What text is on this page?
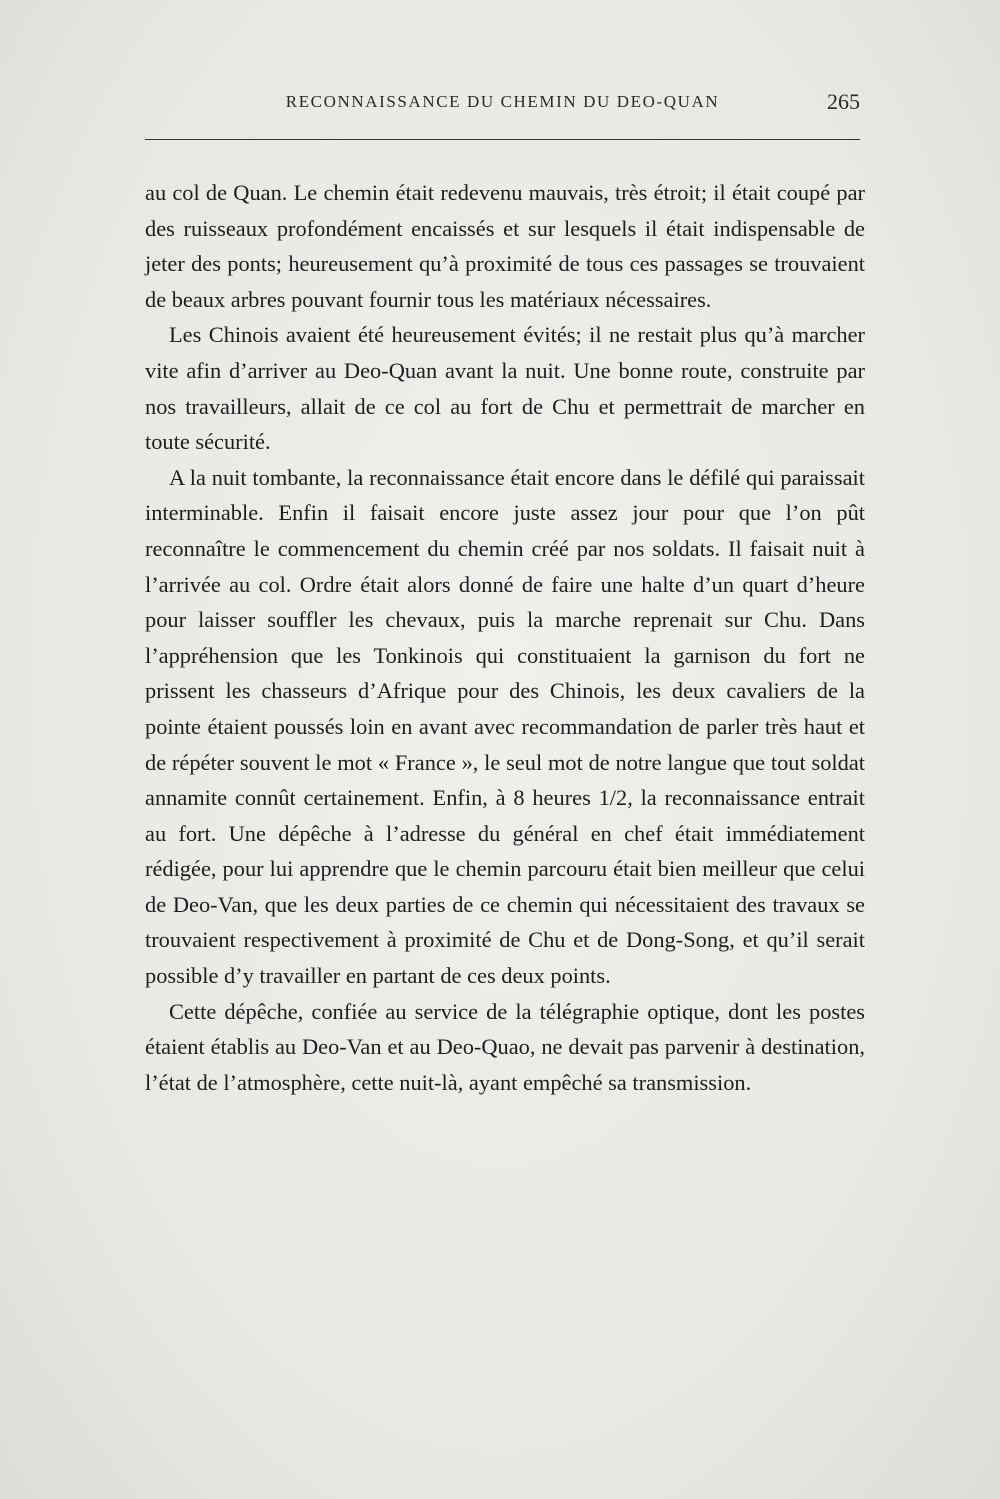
RECONNAISSANCE DU CHEMIN DU DEO-QUAN	265

au col de Quan. Le chemin était redevenu mauvais, très étroit; il était coupé par des ruisseaux profondément encaissés et sur lesquels il était indispensable de jeter des ponts; heureusement qu’à proximité de tous ces passages se trouvaient de beaux arbres pouvant fournir tous les matériaux nécessaires.

Les Chinois avaient été heureusement évités; il ne restait plus qu’à marcher vite afin d’arriver au Deo-Quan avant la nuit. Une bonne route, construite par nos travailleurs, allait de ce col au fort de Chu et permettrait de marcher en toute sécurité.

A la nuit tombante, la reconnaissance était encore dans le défilé qui paraissait interminable. Enfin il faisait encore juste assez jour pour que l’on pût reconnaître le commencement du chemin créé par nos soldats. Il faisait nuit à l’arrivée au col. Ordre était alors donné de faire une halte d’un quart d’heure pour laisser souffler les chevaux, puis la marche reprenait sur Chu. Dans l’appréhension que les Tonkinois qui constituaient la garnison du fort ne prissent les chasseurs d’Afrique pour des Chinois, les deux cavaliers de la pointe étaient poussés loin en avant avec recommandation de parler très haut et de répéter souvent le mot « France », le seul mot de notre langue que tout soldat annamite connût certainement. Enfin, à 8 heures 1/2, la reconnaissance entrait au fort. Une dépêche à l’adresse du général en chef était immédiatement rédigée, pour lui apprendre que le chemin parcouru était bien meilleur que celui de Deo-Van, que les deux parties de ce chemin qui nécessitaient des travaux se trouvaient respectivement à proximité de Chu et de Dong-Song, et qu’il serait possible d’y travailler en partant de ces deux points.

Cette dépêche, confiée au service de la télégraphie optique, dont les postes étaient établis au Deo-Van et au Deo-Quao, ne devait pas parvenir à destination, l’état de l’atmosphère, cette nuit-là, ayant empêché sa transmission.
